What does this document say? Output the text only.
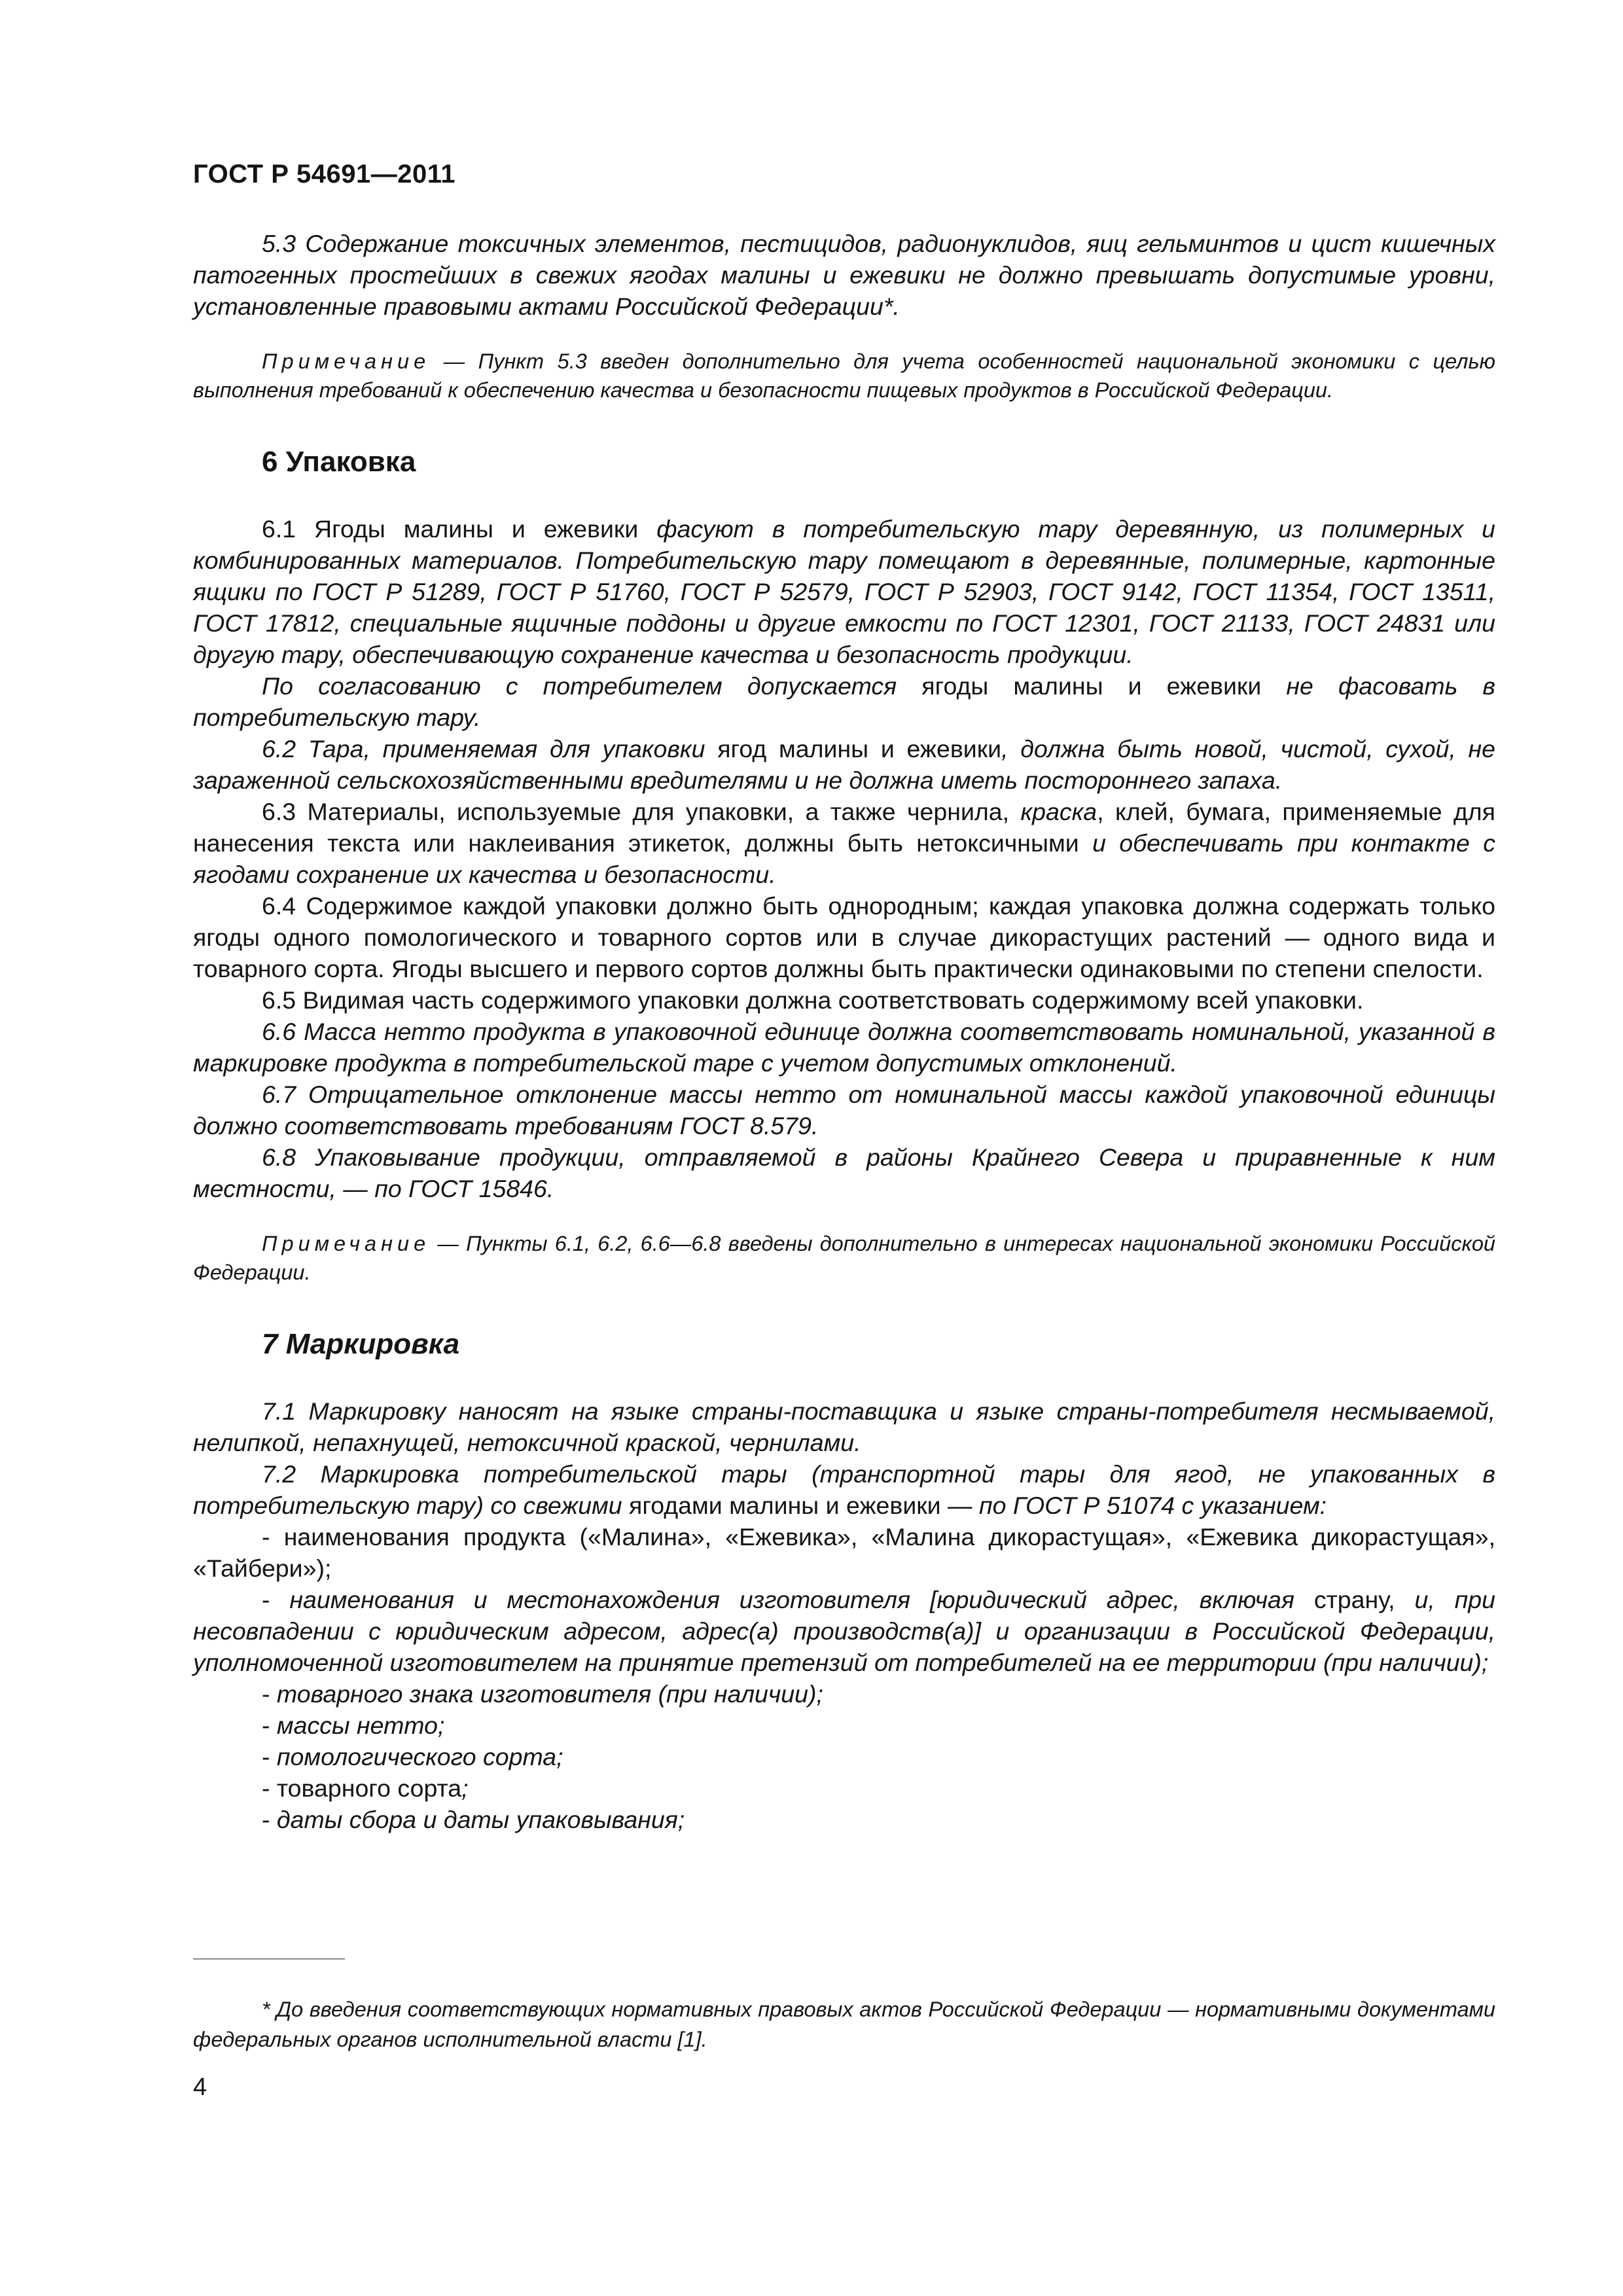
ГОСТ Р 54691—2011

5.3 Содержание токсичных элементов, пестицидов, радионуклидов, яиц гельминтов и цист кишечных патогенных простейших в свежих ягодах малины и ежевики не должно превышать допустимые уровни, установленные правовыми актами Российской Федерации*.

Примечание — Пункт 5.3 введен дополнительно для учета особенностей национальной экономики с целью выполнения требований к обеспечению качества и безопасности пищевых продуктов в Российской Федерации.

6 Упаковка

6.1 Ягоды малины и ежевики фасуют в потребительскую тару деревянную, из полимерных и комбинированных материалов. Потребительскую тару помещают в деревянные, полимерные, картонные ящики по ГОСТ Р 51289, ГОСТ Р 51760, ГОСТ Р 52579, ГОСТ Р 52903, ГОСТ 9142, ГОСТ 11354, ГОСТ 13511, ГОСТ 17812, специальные ящичные поддоны и другие емкости по ГОСТ 12301, ГОСТ 21133, ГОСТ 24831 или другую тару, обеспечивающую сохранение качества и безопасность продукции.

По согласованию с потребителем допускается ягоды малины и ежевики не фасовать в потребительскую тару.

6.2 Тара, применяемая для упаковки ягод малины и ежевики, должна быть новой, чистой, сухой, не зараженной сельскохозяйственными вредителями и не должна иметь постороннего запаха.

6.3 Материалы, используемые для упаковки, а также чернила, краска, клей, бумага, применяемые для нанесения текста или наклеивания этикеток, должны быть нетоксичными и обеспечивать при контакте с ягодами сохранение их качества и безопасности.

6.4 Содержимое каждой упаковки должно быть однородным; каждая упаковка должна содержать только ягоды одного помологического и товарного сортов или в случае дикорастущих растений — одного вида и товарного сорта. Ягоды высшего и первого сортов должны быть практически одинаковыми по степени спелости.

6.5 Видимая часть содержимого упаковки должна соответствовать содержимому всей упаковки.

6.6 Масса нетто продукта в упаковочной единице должна соответствовать номинальной, указанной в маркировке продукта в потребительской таре с учетом допустимых отклонений.

6.7 Отрицательное отклонение массы нетто от номинальной массы каждой упаковочной единицы должно соответствовать требованиям ГОСТ 8.579.

6.8 Упаковывание продукции, отправляемой в районы Крайнего Севера и приравненные к ним местности, — по ГОСТ 15846.

Примечание — Пункты 6.1, 6.2, 6.6—6.8 введены дополнительно в интересах национальной экономики Российской Федерации.

7 Маркировка

7.1 Маркировку наносят на языке страны-поставщика и языке страны-потребителя несмываемой, нелипкой, непахнущей, нетоксичной краской, чернилами.

7.2 Маркировка потребительской тары (транспортной тары для ягод, не упакованных в потребительскую тару) со свежими ягодами малины и ежевики — по ГОСТ Р 51074 с указанием:

- наименования продукта («Малина», «Ежевика», «Малина дикорастущая», «Ежевика дикорастущая», «Тайбери»);

- наименования и местонахождения изготовителя [юридический адрес, включая страну, и, при несовпадении с юридическим адресом, адрес(а) производств(а)] и организации в Российской Федерации, уполномоченной изготовителем на принятие претензий от потребителей на ее территории (при наличии);

- товарного знака изготовителя (при наличии);

- массы нетто;

- помологического сорта;

- товарного сорта;

- даты сбора и даты упаковывания;

* До введения соответствующих нормативных правовых актов Российской Федерации — нормативными документами федеральных органов исполнительной власти [1].

4
